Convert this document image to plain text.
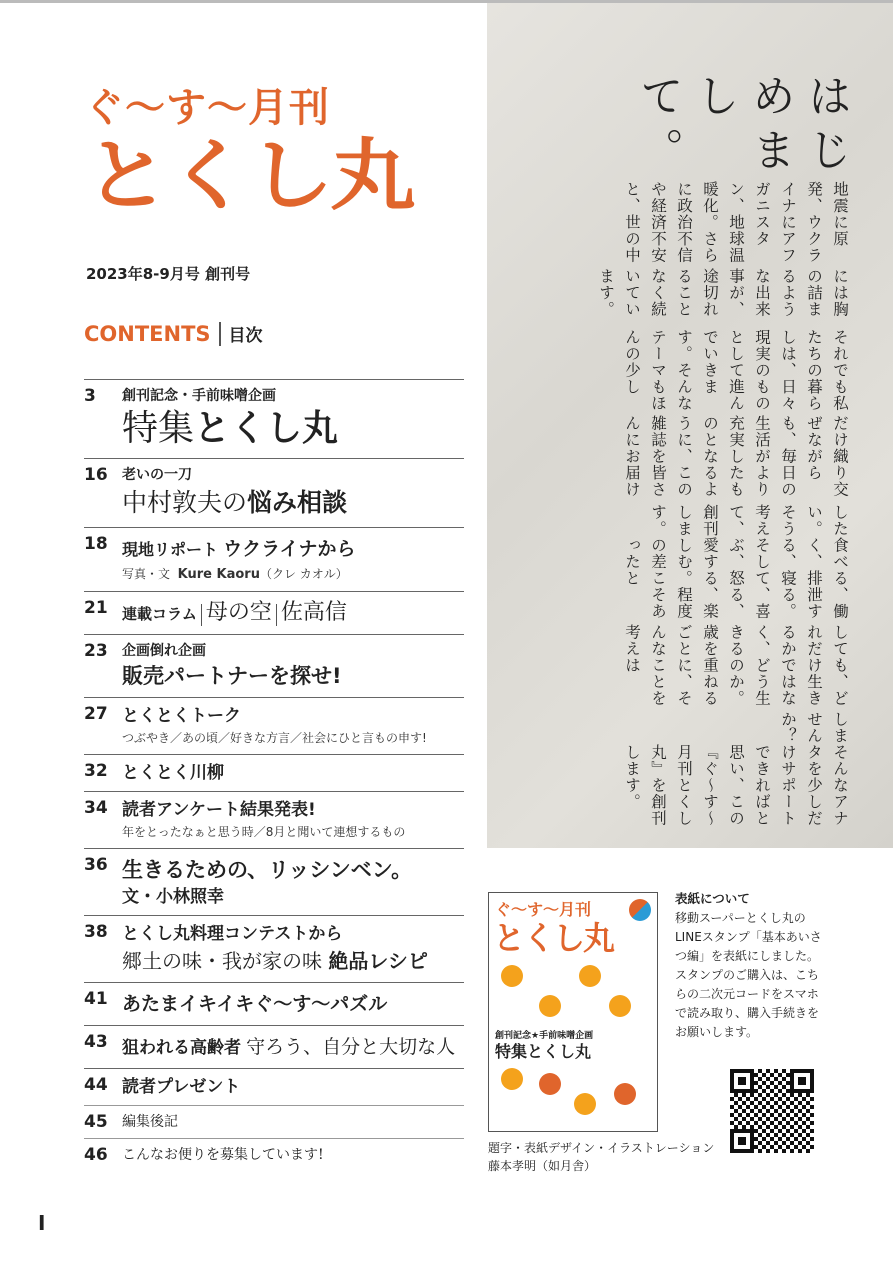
ぐ〜す〜月刊
とくし丸
2023年8-9月号 創刊号
CONTENTS 目次
3	創刊記念・手前味噌企画
特集とくし丸
16	老いの一刀
中村敦夫の悩み相談
18 現地リポート ウクライナから
写真・文 Kure Kaoru（クレ カオル）
21 連載コラム 母の空 佐高信
23	企画倒れ企画
販売パートナーを探せ!
27 とくとくトーク
つぶやき／あの頃／好きな方言／社会にひと言もの申す!
32 とくとく川柳
34 読者アンケート結果発表!
年をとったなぁと思う時／8月と聞いて連想するもの
36 生きるための、リッシンベン。
文・小林照幸
38 とくし丸料理コンテストから
郷土の味・我が家の味 絶品レシピ
41 あたまイキイキぐ〜す〜パズル
43 狙われる高齢者 守ろう、自分と大切な人
44 読者プレゼント
45	編集後記
46	こんなお便りを募集しています!
はじめまして。

地震に原発、ウクライナにアフガニスタン、地球温暖化。さらに政治不信や経済不安と、世の中

には胸の詰まるような出来事が、途切れることなく続いています。

それでも私たちの暮らしは、日々現実のものとして進んでいきます。そんなテーマもほんの少し

だけ織り交ぜながらも、毎日の生活がより充実したものとなるように、この雑誌を皆さんにお届け

したい。そう考えて、創刊します。

食べる、働く、排泄する、寝る。そして、喜ぶ、怒る、愛する、楽しむ。程度の差こそあったと

しても、どれだけ生きるかではなく、どう生きるのか。歳を重ねるごとに、そんなことを考えは

しませんか？

そんなアナタを少しだけサポートできればと思い、この『ぐ〜す〜月刊とくし丸』を創刊します。

ぐ〜す〜月刊
とくし丸
創刊記念★手前味噌企画
特集とくし丸
題字・表紙デザイン・イラストレーション
藤本孝明（如月舎）
表紙について
移動スーパーとくし丸のLINEスタンプ「基本あいさつ編」を表紙にしました。スタンプのご購入は、こちらの二次元コードをスマホで読み取り、購入手続きをお願いします。
I
